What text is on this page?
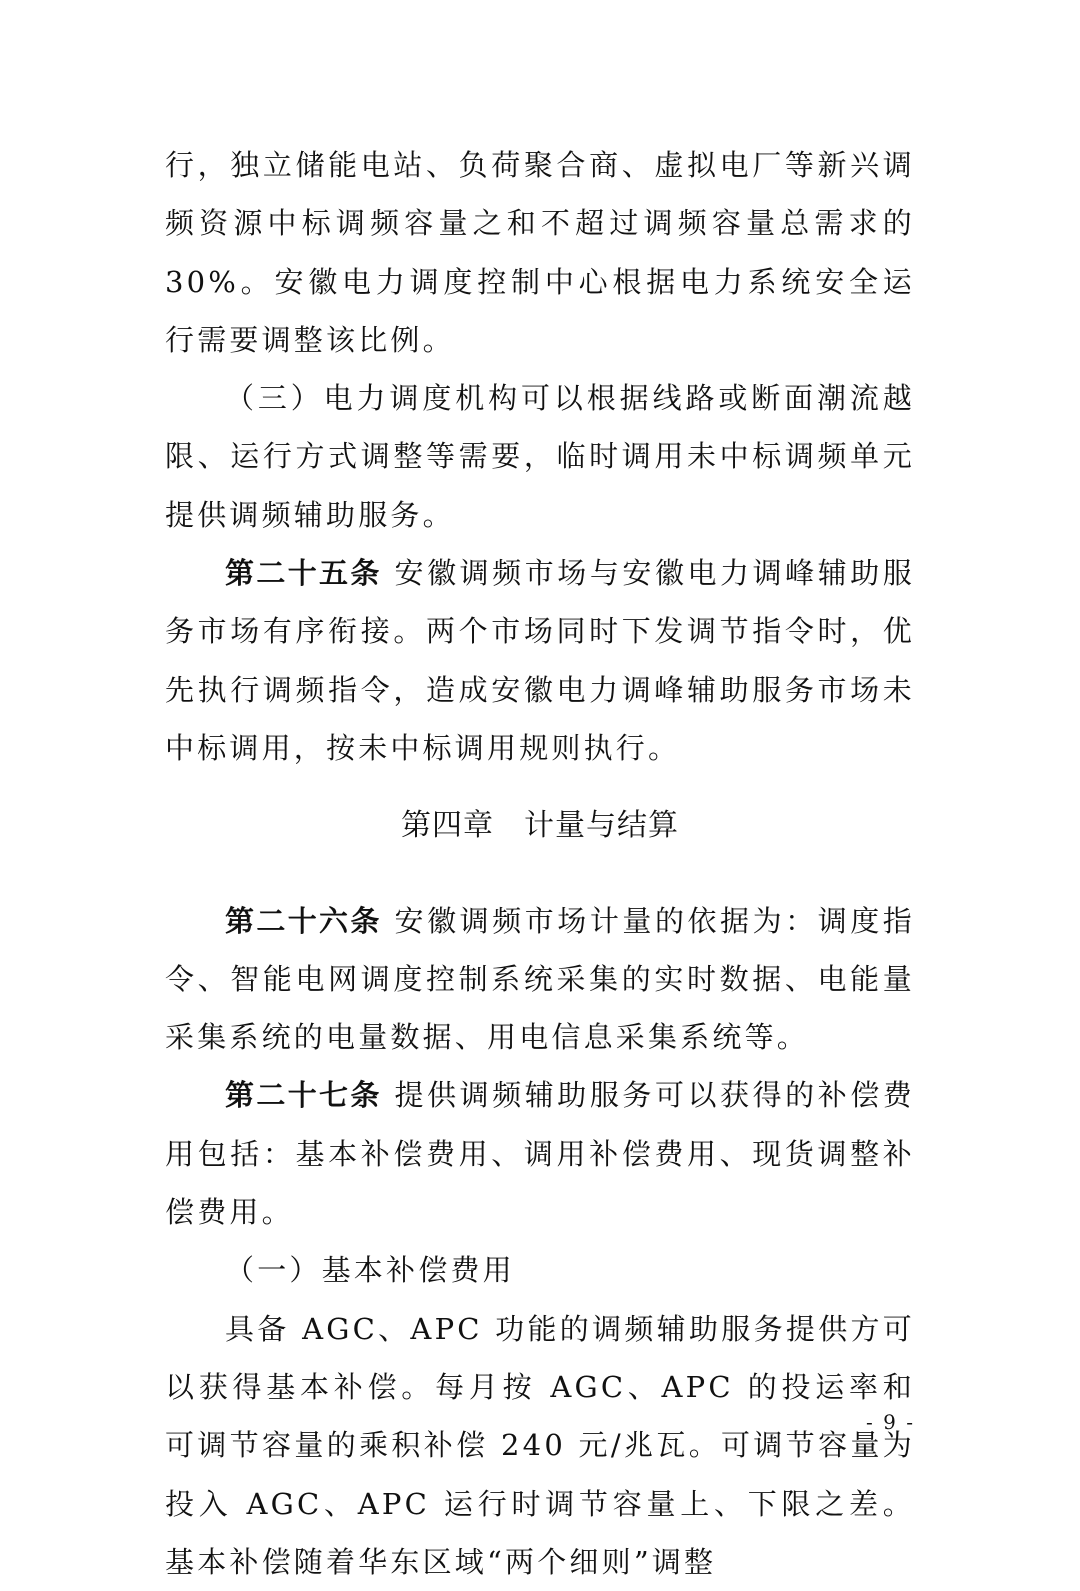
行，独立储能电站、负荷聚合商、虚拟电厂等新兴调频资源中标调频容量之和不超过调频容量总需求的 30%。安徽电力调度控制中心根据电力系统安全运行需要调整该比例。

（三）电力调度机构可以根据线路或断面潮流越限、运行方式调整等需要，临时调用未中标调频单元提供调频辅助服务。

第二十五条 安徽调频市场与安徽电力调峰辅助服务市场有序衔接。两个市场同时下发调节指令时，优先执行调频指令，造成安徽电力调峰辅助服务市场未中标调用，按未中标调用规则执行。

第四章 计量与结算

第二十六条 安徽调频市场计量的依据为：调度指令、智能电网调度控制系统采集的实时数据、电能量采集系统的电量数据、用电信息采集系统等。

第二十七条 提供调频辅助服务可以获得的补偿费用包括：基本补偿费用、调用补偿费用、现货调整补偿费用。

（一）基本补偿费用

具备 AGC、APC 功能的调频辅助服务提供方可以获得基本补偿。每月按 AGC、APC 的投运率和可调节容量的乘积补偿 240 元/兆瓦。可调节容量为投入 AGC、APC 运行时调节容量上、下限之差。基本补偿随着华东区域“两个细则”调整

- 9 -
